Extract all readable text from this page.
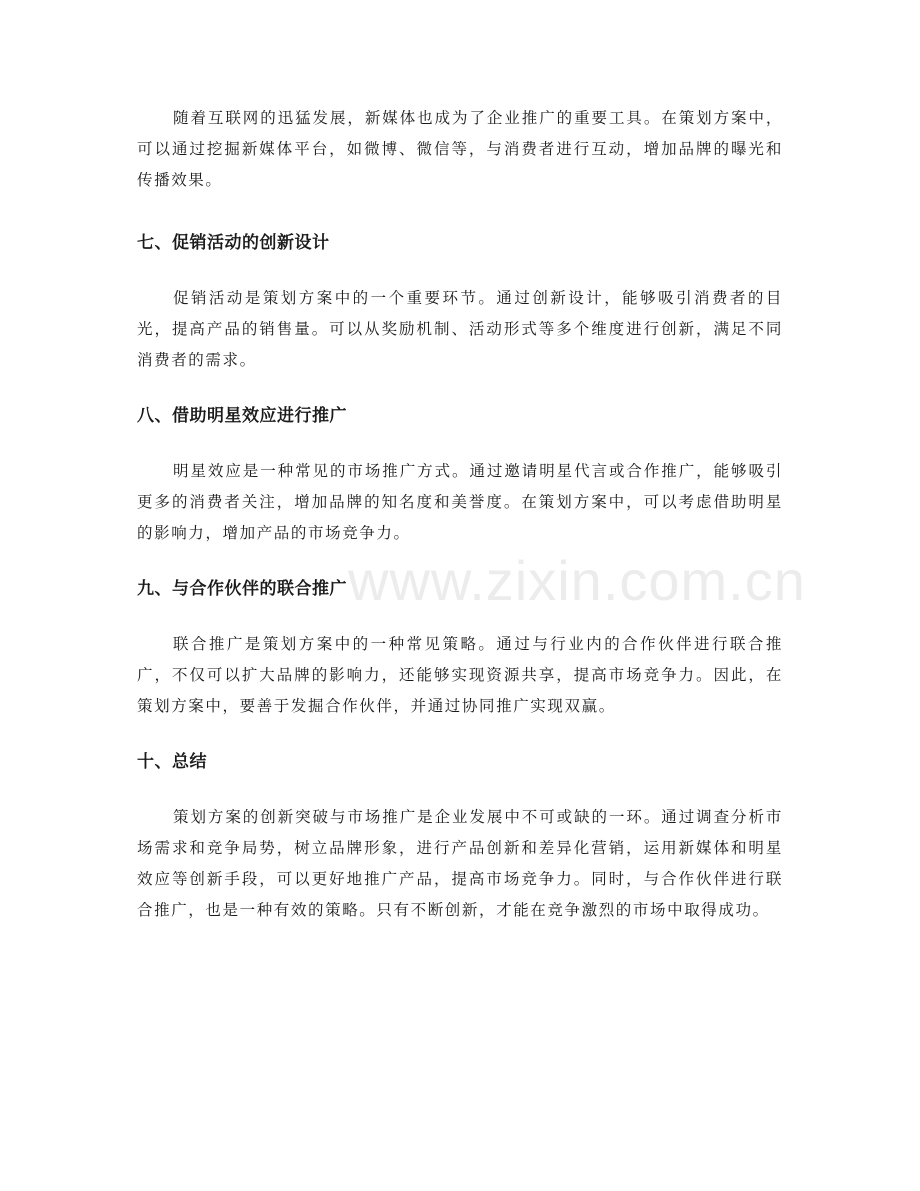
www.zixin.com.cn

随着互联网的迅猛发展，新媒体也成为了企业推广的重要工具。在策划方案中，可以通过挖掘新媒体平台，如微博、微信等，与消费者进行互动，增加品牌的曝光和传播效果。

七、促销活动的创新设计

促销活动是策划方案中的一个重要环节。通过创新设计，能够吸引消费者的目光，提高产品的销售量。可以从奖励机制、活动形式等多个维度进行创新，满足不同消费者的需求。

八、借助明星效应进行推广

明星效应是一种常见的市场推广方式。通过邀请明星代言或合作推广，能够吸引更多的消费者关注，增加品牌的知名度和美誉度。在策划方案中，可以考虑借助明星的影响力，增加产品的市场竞争力。

九、与合作伙伴的联合推广

联合推广是策划方案中的一种常见策略。通过与行业内的合作伙伴进行联合推广，不仅可以扩大品牌的影响力，还能够实现资源共享，提高市场竞争力。因此，在策划方案中，要善于发掘合作伙伴，并通过协同推广实现双赢。

十、总结

策划方案的创新突破与市场推广是企业发展中不可或缺的一环。通过调查分析市场需求和竞争局势，树立品牌形象，进行产品创新和差异化营销，运用新媒体和明星效应等创新手段，可以更好地推广产品，提高市场竞争力。同时，与合作伙伴进行联合推广，也是一种有效的策略。只有不断创新，才能在竞争激烈的市场中取得成功。
